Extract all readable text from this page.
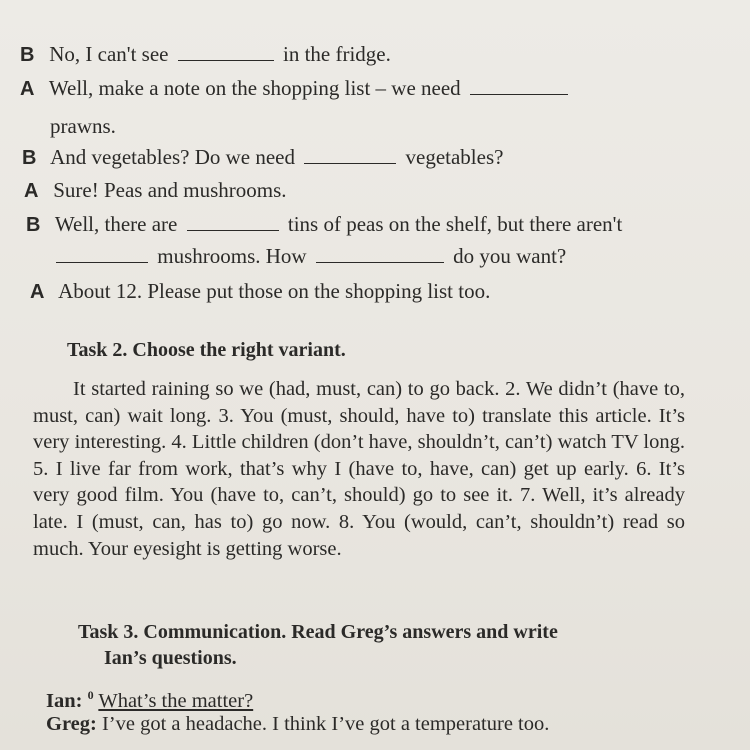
B No, I can't see	in the fridge.
A Well, make a note on the shopping list – we need
prawns.
B And vegetables? Do we need	vegetables?
A Sure! Peas and mushrooms.
B Well, there are	tins of peas on the shelf, but there aren't
mushrooms. How	do you want?
A About 12. Please put those on the shopping list too.
Task 2. Choose the right variant.
It started raining so we (had, must, can) to go back. 2. We didn’t (have to, must, can) wait long. 3. You (must, should, have to) translate this article. It’s very interesting. 4. Little children (don’t have, shouldn’t, can’t) watch TV long. 5. I live far from work, that’s why I (have to, have, can) get up early. 6. It’s very good film. You (have to, can’t, should) go to see it. 7. Well, it’s already late. I (must, can, has to) go now. 8. You (would, can’t, shouldn’t) read so much. Your eyesight is getting worse.
Task 3. Communication. Read Greg’s answers and write
Ian’s questions.
Ian: $^0$ What’s the matter?
Greg: I’ve got a headache. I think I’ve got a temperature too.
